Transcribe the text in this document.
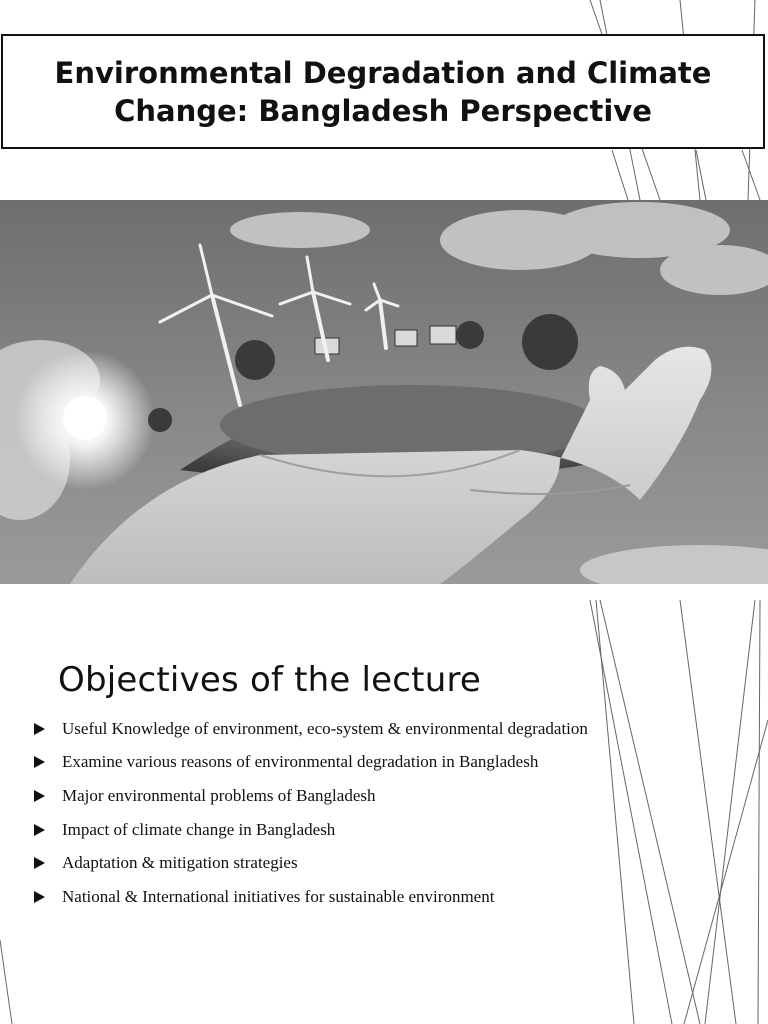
Environmental Degradation and Climate
Change: Bangladesh Perspective

Objectives of the lecture
Useful Knowledge of environment, eco-system & environmental degradation
Examine various reasons of environmental degradation in Bangladesh
Major environmental problems of Bangladesh
Impact of climate change in Bangladesh
Adaptation & mitigation strategies
National & International initiatives for sustainable environment
